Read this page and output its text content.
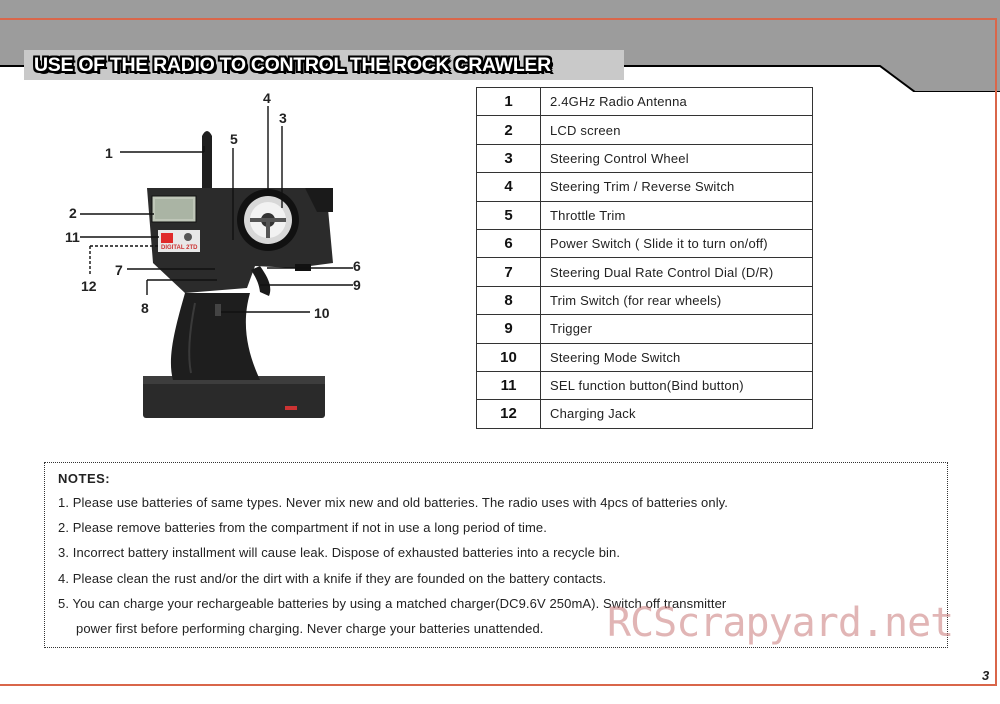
USE OF THE RADIO TO CONTROL THE ROCK CRAWLER
DIGITAL 2TD
1
2
3
4
5
6
7
8
9
10
11
12
1	2.4GHz Radio Antenna
2	LCD screen
3	Steering Control Wheel
4	Steering Trim / Reverse Switch
5	Throttle Trim
6	Power Switch ( Slide it to turn on/off)
7	Steering Dual Rate Control Dial (D/R)
8	Trim Switch (for rear wheels)
9	Trigger
10	Steering Mode Switch
11	SEL function button(Bind button)
12	Charging Jack
NOTES:
1. Please use batteries of same types. Never mix new and old batteries. The radio uses with 4pcs of batteries only.
2. Please remove batteries from the compartment if not in use a long period of time.
3. Incorrect battery installment will cause leak. Dispose of exhausted batteries into a recycle bin.
4. Please clean the rust and/or the dirt with a knife if they are founded on the battery contacts.
5. You can charge your rechargeable batteries by using a matched charger(DC9.6V 250mA). Switch off transmitter
power first before performing charging. Never charge your batteries unattended. RCScrapyard.net
3
